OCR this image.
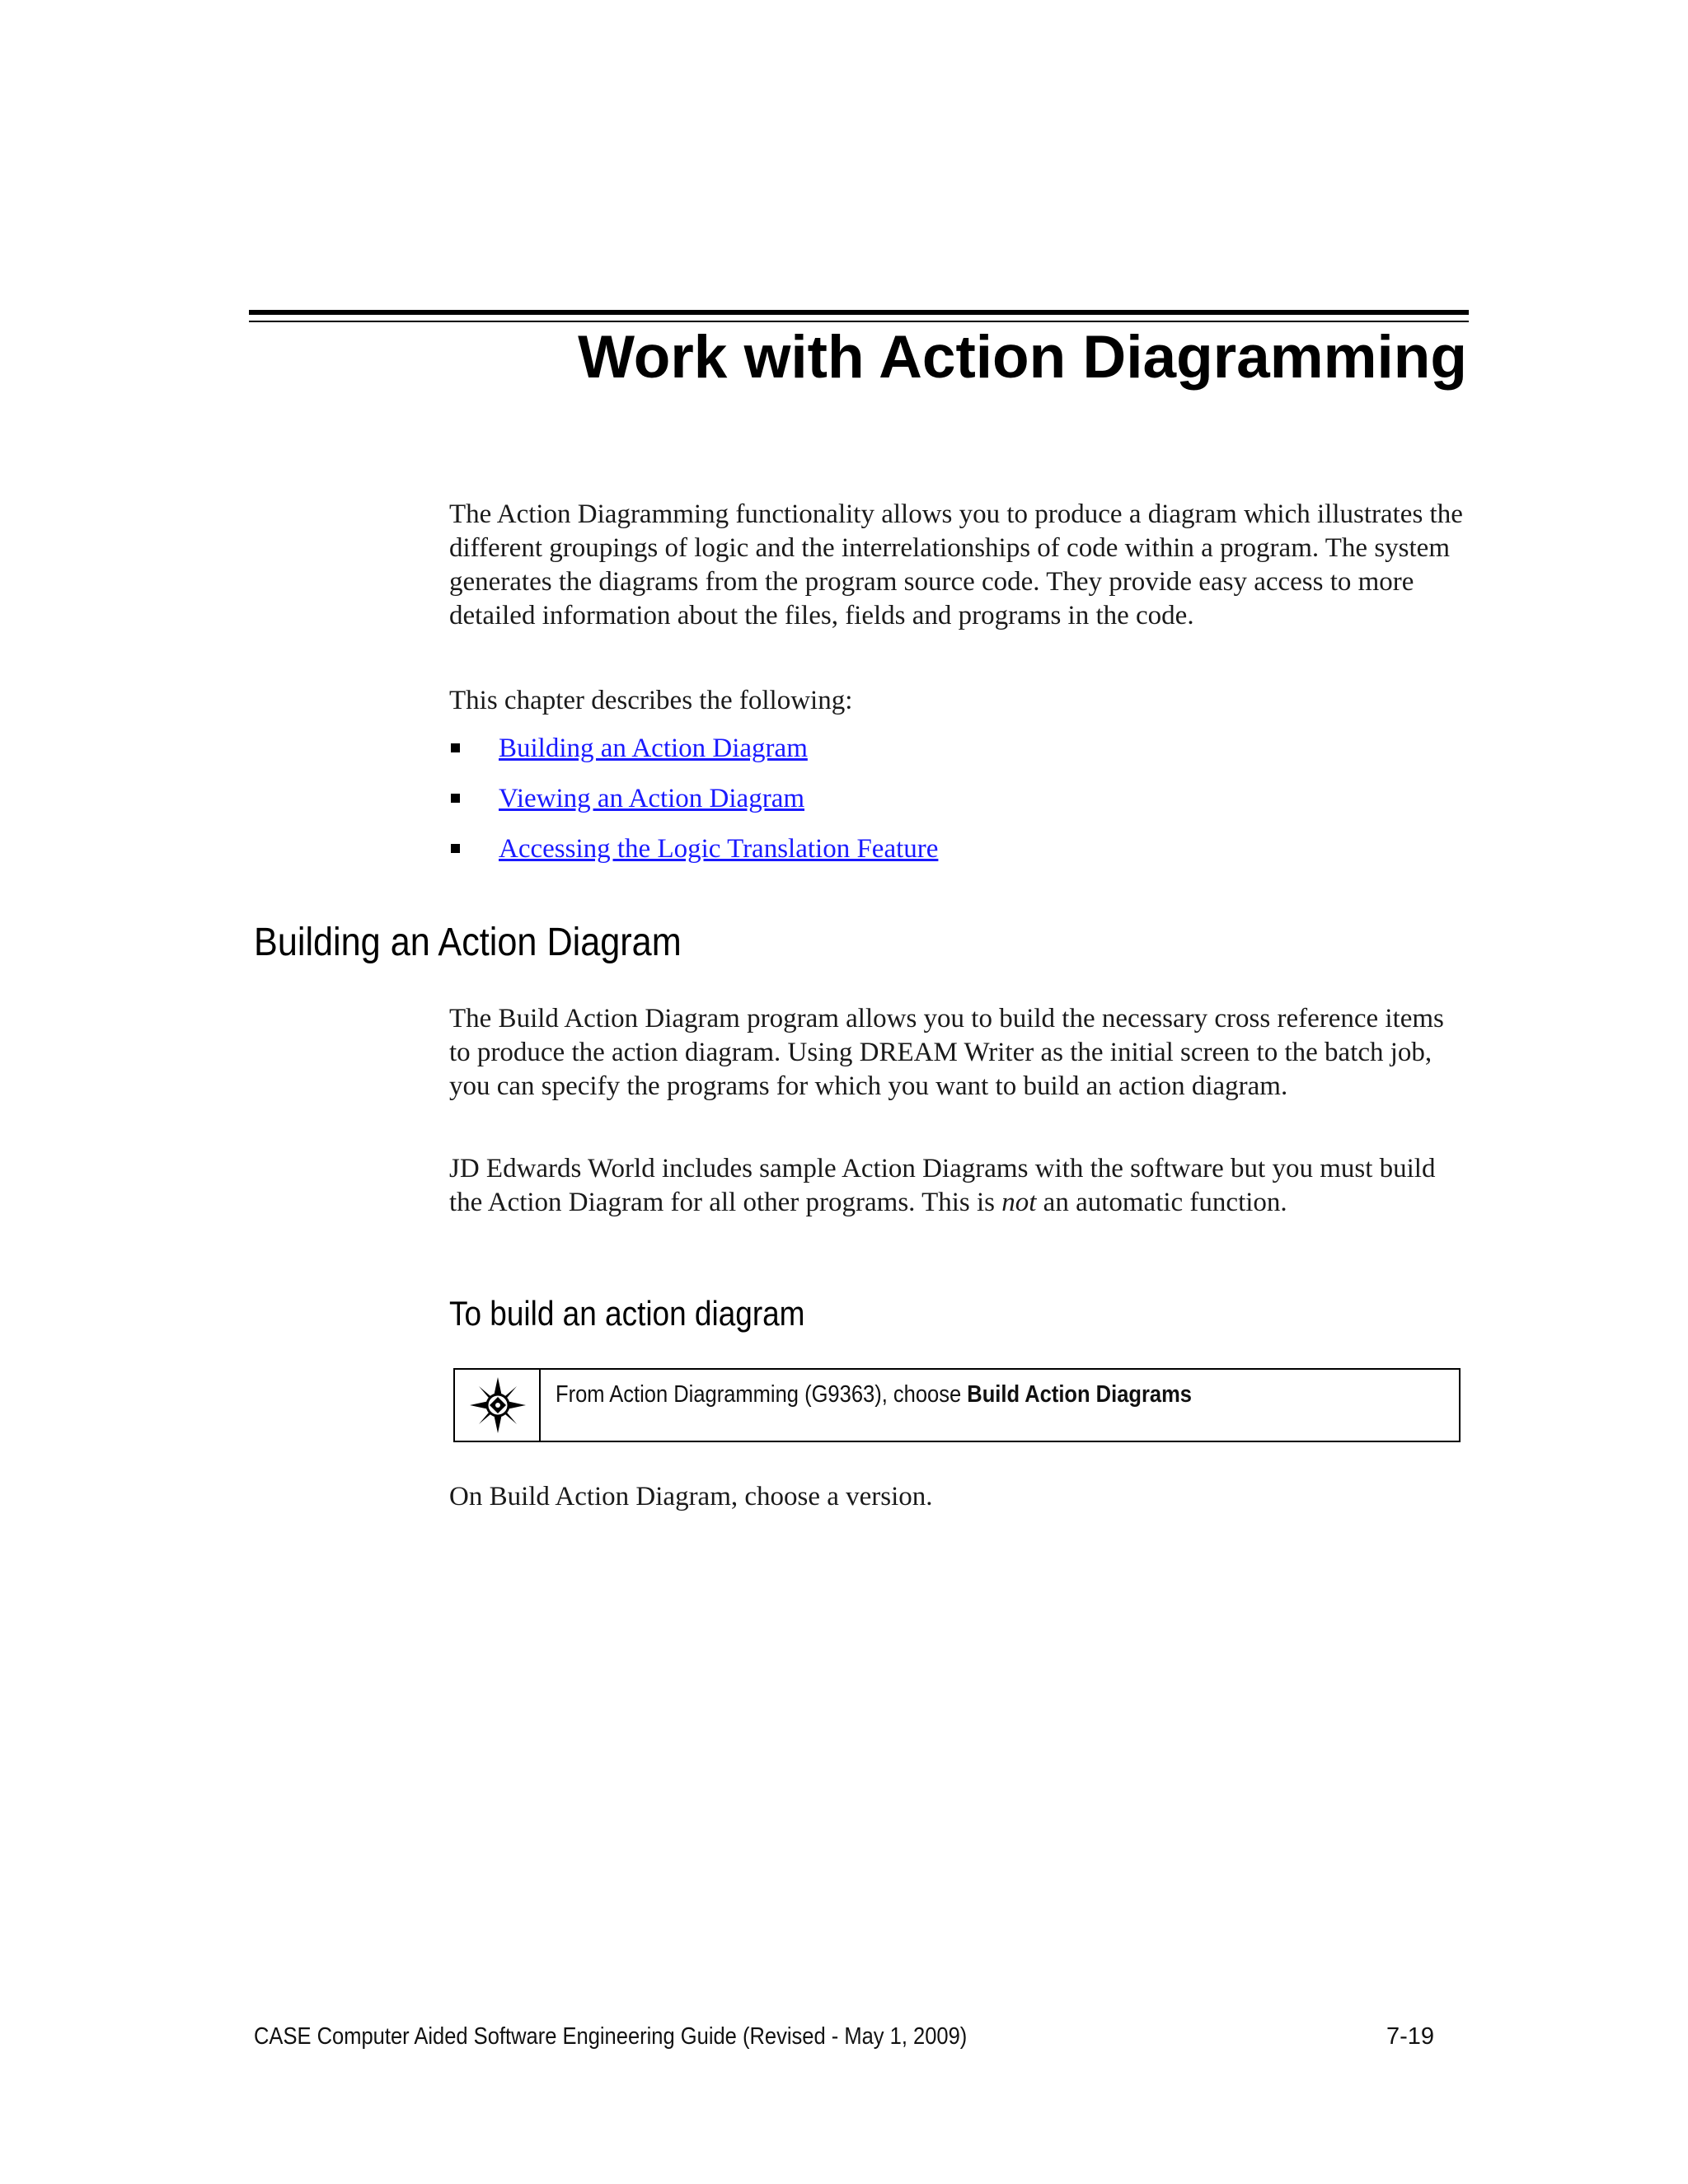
Work with Action Diagramming

The Action Diagramming functionality allows you to produce a diagram which illustrates the different groupings of logic and the interrelationships of code within a program. The system generates the diagrams from the program source code. They provide easy access to more detailed information about the files, fields and programs in the code.

This chapter describes the following:

Building an Action Diagram
Viewing an Action Diagram
Accessing the Logic Translation Feature
Building an Action Diagram

The Build Action Diagram program allows you to build the necessary cross reference items to produce the action diagram. Using DREAM Writer as the initial screen to the batch job, you can specify the programs for which you want to build an action diagram.

JD Edwards World includes sample Action Diagrams with the software but you must build the Action Diagram for all other programs. This is not an automatic function.

To build an action diagram
From Action Diagramming (G9363), choose Build Action Diagrams

On Build Action Diagram, choose a version.

CASE Computer Aided Software Engineering Guide (Revised - May 1, 2009)	7-19
